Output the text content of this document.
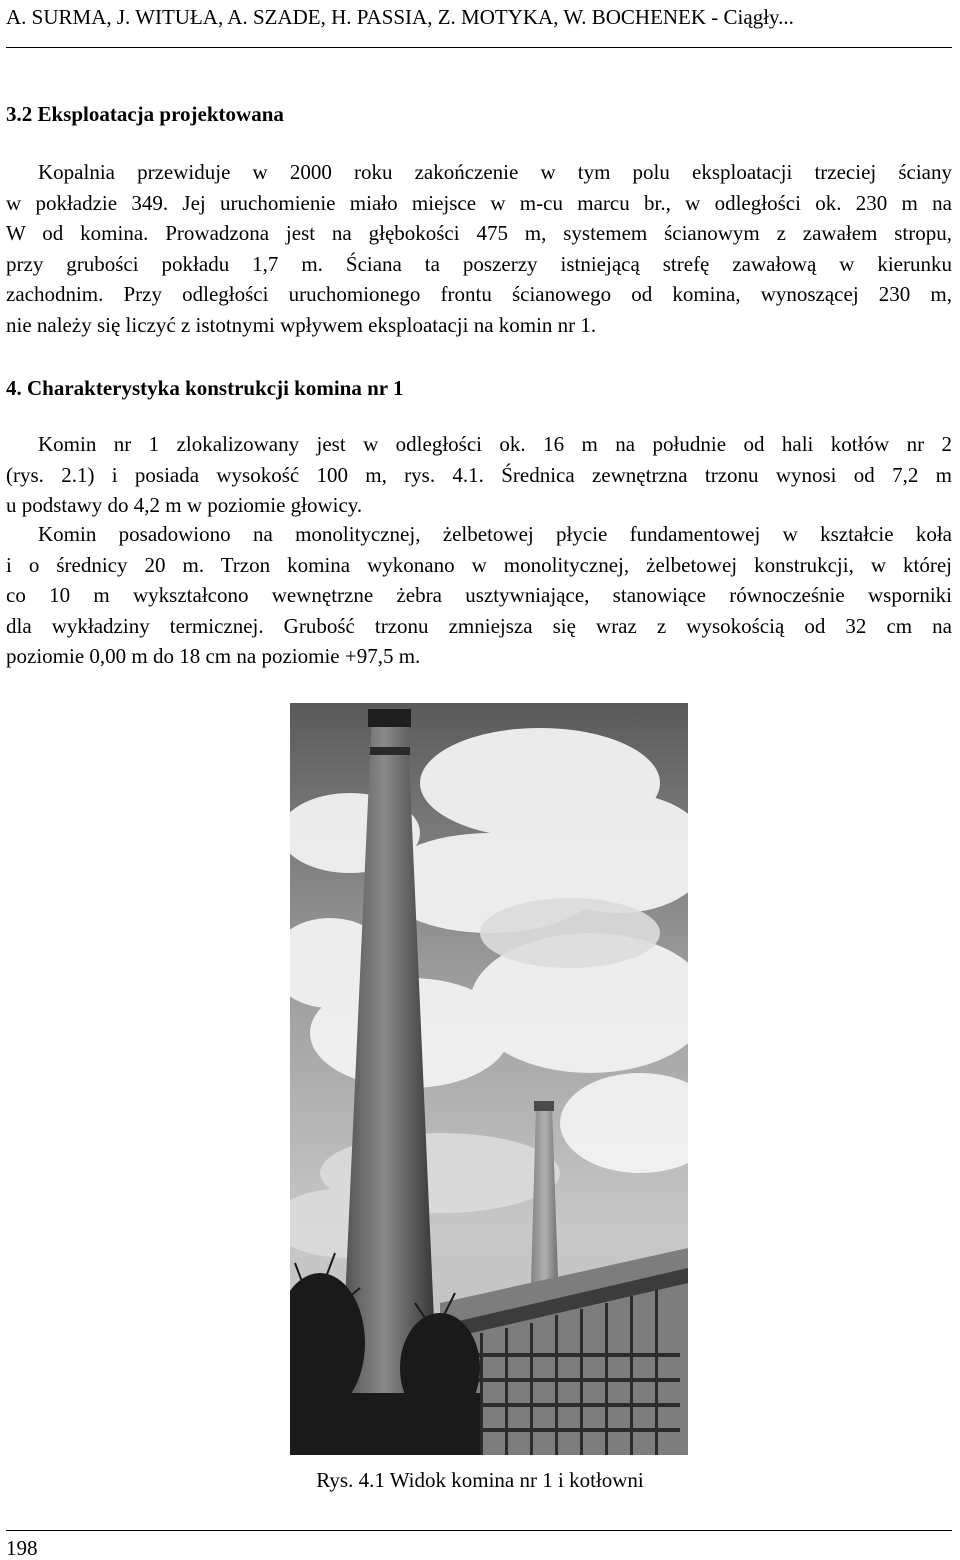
A. SURMA, J. WITUŁA, A. SZADE, H. PASSIA, Z. MOTYKA, W. BOCHENEK - Ciągły...
3.2 Eksploatacja projektowana
Kopalnia przewiduje w 2000 roku zakończenie w tym polu eksploatacji trzeciej ściany
w pokładzie 349. Jej uruchomienie miało miejsce w m-cu marcu br., w odległości ok. 230 m na
W od komina. Prowadzona jest na głębokości 475 m, systemem ścianowym z zawałem stropu,
przy grubości pokładu 1,7 m. Ściana ta poszerzy istniejącą strefę zawałową w kierunku
zachodnim. Przy odległości uruchomionego frontu ścianowego od komina, wynoszącej 230 m,
nie należy się liczyć z istotnymi wpływem eksploatacji na komin nr 1.
4. Charakterystyka konstrukcji komina nr 1
Komin nr 1 zlokalizowany jest w odległości ok. 16 m na południe od hali kotłów nr 2
(rys. 2.1) i posiada wysokość 100 m, rys. 4.1. Średnica zewnętrzna trzonu wynosi od 7,2 m
u podstawy do 4,2 m w poziomie głowicy.
Komin posadowiono na monolitycznej, żelbetowej płycie fundamentowej w kształcie koła
i o średnicy 20 m. Trzon komina wykonano w monolitycznej, żelbetowej konstrukcji, w której
co 10 m wykształcono wewnętrzne żebra usztywniające, stanowiące równocześnie wsporniki
dla wykładziny termicznej. Grubość trzonu zmniejsza się wraz z wysokością od 32 cm na
poziomie 0,00 m do 18 cm na poziomie +97,5 m.
Rys. 4.1 Widok komina nr 1 i kotłowni
198
